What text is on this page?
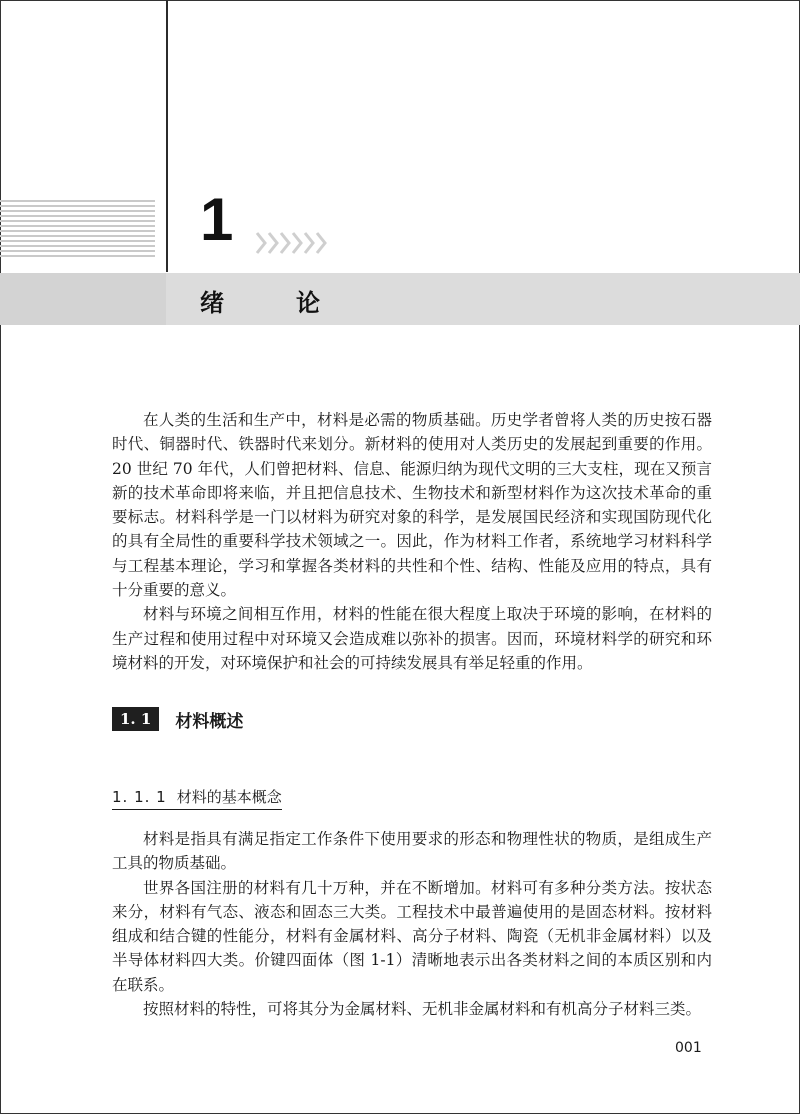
1
绪　论

在人类的生活和生产中，材料是必需的物质基础。历史学者曾将人类的历史按石器时代、铜器时代、铁器时代来划分。新材料的使用对人类历史的发展起到重要的作用。20 世纪 70 年代，人们曾把材料、信息、能源归纳为现代文明的三大支柱，现在又预言新的技术革命即将来临，并且把信息技术、生物技术和新型材料作为这次技术革命的重要标志。材料科学是一门以材料为研究对象的科学，是发展国民经济和实现国防现代化的具有全局性的重要科学技术领域之一。因此，作为材料工作者，系统地学习材料科学与工程基本理论，学习和掌握各类材料的共性和个性、结构、性能及应用的特点，具有十分重要的意义。

材料与环境之间相互作用，材料的性能在很大程度上取决于环境的影响，在材料的生产过程和使用过程中对环境又会造成难以弥补的损害。因而，环境材料学的研究和环境材料的开发，对环境保护和社会的可持续发展具有举足轻重的作用。

1. 1	材料概述
1. 1. 1 材料的基本概念

材料是指具有满足指定工作条件下使用要求的形态和物理性状的物质，是组成生产工具的物质基础。

世界各国注册的材料有几十万种，并在不断增加。材料可有多种分类方法。按状态来分，材料有气态、液态和固态三大类。工程技术中最普遍使用的是固态材料。按材料组成和结合键的性能分，材料有金属材料、高分子材料、陶瓷（无机非金属材料）以及半导体材料四大类。价键四面体（图 1-1）清晰地表示出各类材料之间的本质区别和内在联系。

按照材料的特性，可将其分为金属材料、无机非金属材料和有机高分子材料三类。

001
